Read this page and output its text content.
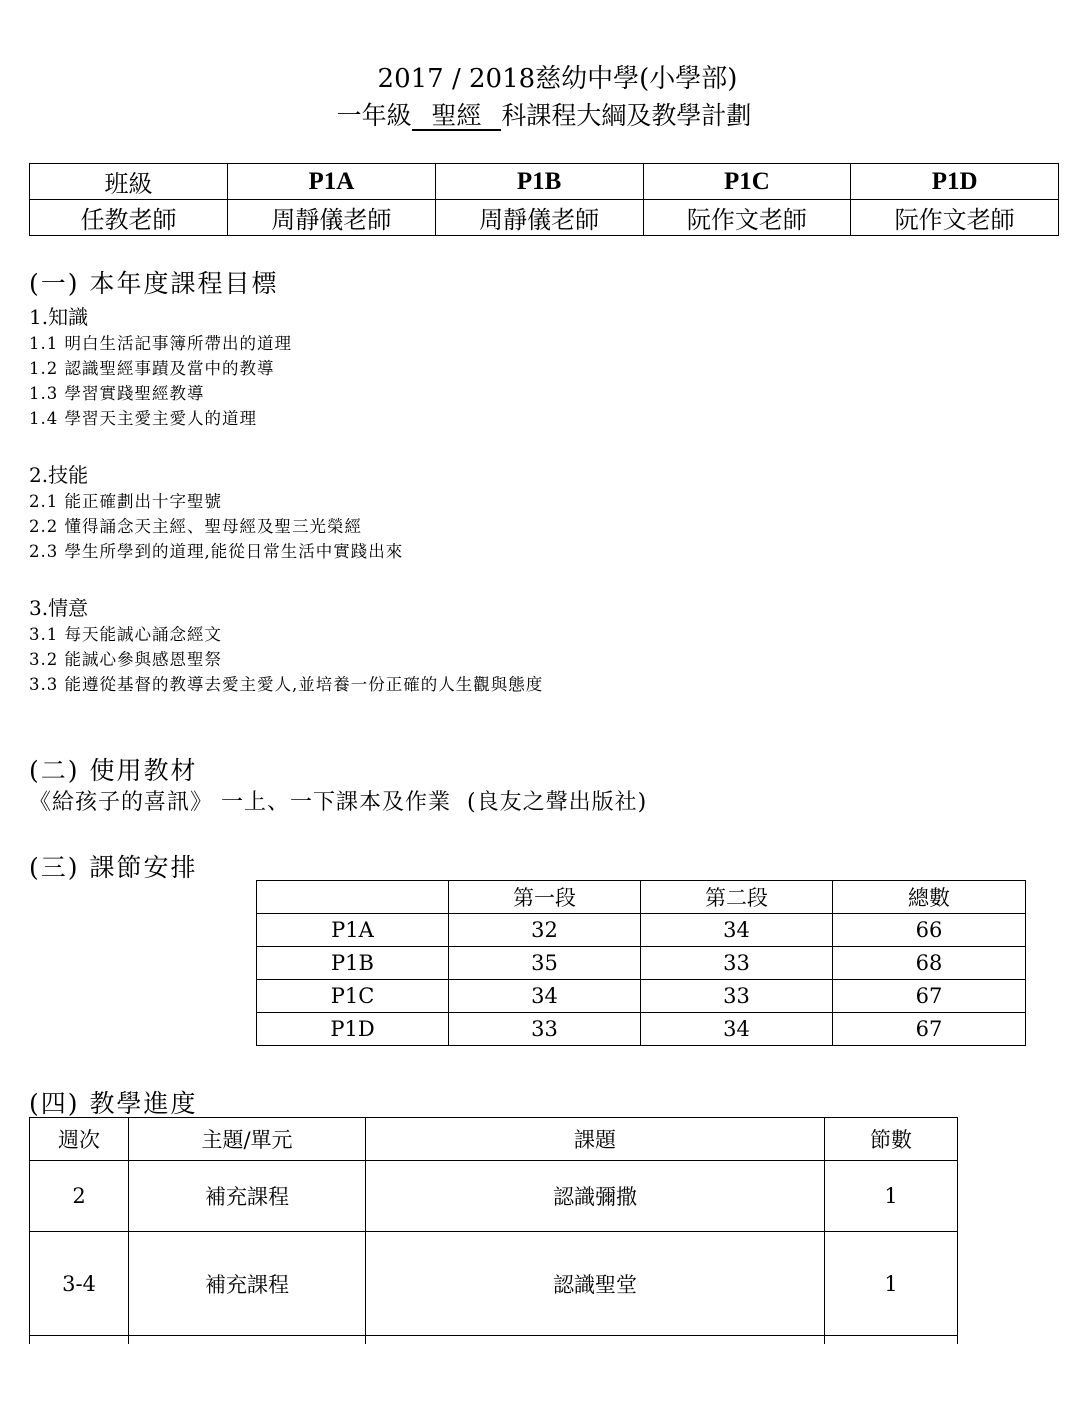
2017 / 2018慈幼中學(小學部)
一年級 聖經 科課程大綱及教學計劃
班級	P1A	P1B	P1C	P1D
任教老師	周靜儀老師	周靜儀老師	阮作文老師	阮作文老師
(一) 本年度課程目標
1.知識
1.1 明白生活記事簿所帶出的道理
1.2 認識聖經事蹟及當中的教導
1.3 學習實踐聖經教導
1.4 學習天主愛主愛人的道理
2.技能
2.1 能正確劃出十字聖號
2.2 懂得誦念天主經、聖母經及聖三光榮經
2.3 學生所學到的道理,能從日常生活中實踐出來
3.情意
3.1 每天能誠心誦念經文
3.2 能誠心參與感恩聖祭
3.3 能遵從基督的教導去愛主愛人,並培養一份正確的人生觀與態度
(二) 使用教材
《給孩子的喜訊》 一上、一下課本及作業  (良友之聲出版社)
(三) 課節安排
	第一段	第二段	總數
P1A	32	34	66
P1B	35	33	68
P1C	34	33	67
P1D	33	34	67
(四) 教學進度
週次	主題/單元	課題	節數
2	補充課程	認識彌撒	1
3-4	補充課程	認識聖堂	1
